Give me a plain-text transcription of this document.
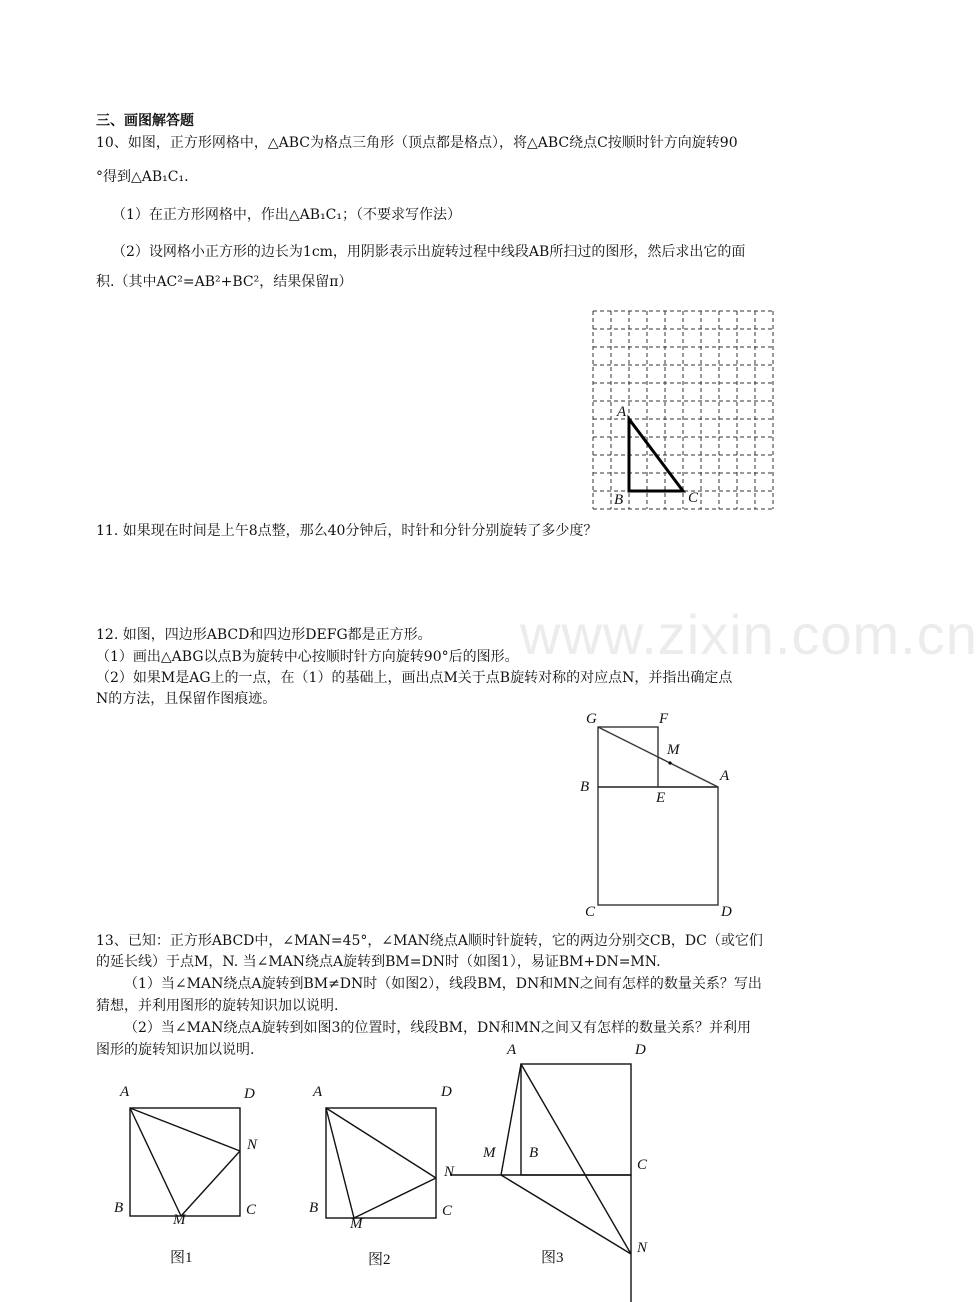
www.zixin.com.cn
三、画图解答题
10、如图，正方形网格中，△ABC为格点三角形（顶点都是格点），将△ABC绕点C按顺时针方向旋转90
°得到△AB₁C₁.
（1）在正方形网格中，作出△AB₁C₁；（不要求写作法）
（2）设网格小正方形的边长为1cm，用阴影表示出旋转过程中线段AB所扫过的图形，然后求出它的面
积.（其中AC²=AB²+BC²，结果保留π）
A
B	C
11. 如果现在时间是上午8点整，那么40分钟后，时针和分针分别旋转了多少度？
12. 如图，四边形ABCD和四边形DEFG都是正方形。
（1）画出△ABG以点B为旋转中心按顺时针方向旋转90°后的图形。
（2）如果M是AG上的一点，在（1）的基础上，画出点M关于点B旋转对称的对应点N，并指出确定点
N的方法，且保留作图痕迹。
G	F
M
A
B
E
C	D
13、已知：正方形ABCD中，∠MAN=45°，∠MAN绕点A顺时针旋转，它的两边分别交CB，DC（或它们
的延长线）于点M，N. 当∠MAN绕点A旋转到BM=DN时（如图1），易证BM+DN=MN.
（1）当∠MAN绕点A旋转到BM≠DN时（如图2），线段BM，DN和MN之间有怎样的数量关系？写出
猜想，并利用图形的旋转知识加以说明.
（2）当∠MAN绕点A旋转到如图3的位置时，线段BM，DN和MN之间又有怎样的数量关系？并利用
图形的旋转知识加以说明.
A	D
N
B	C
M
图1
A	D
N
B	C
M
图2
A	D
M B
C
N
图3
